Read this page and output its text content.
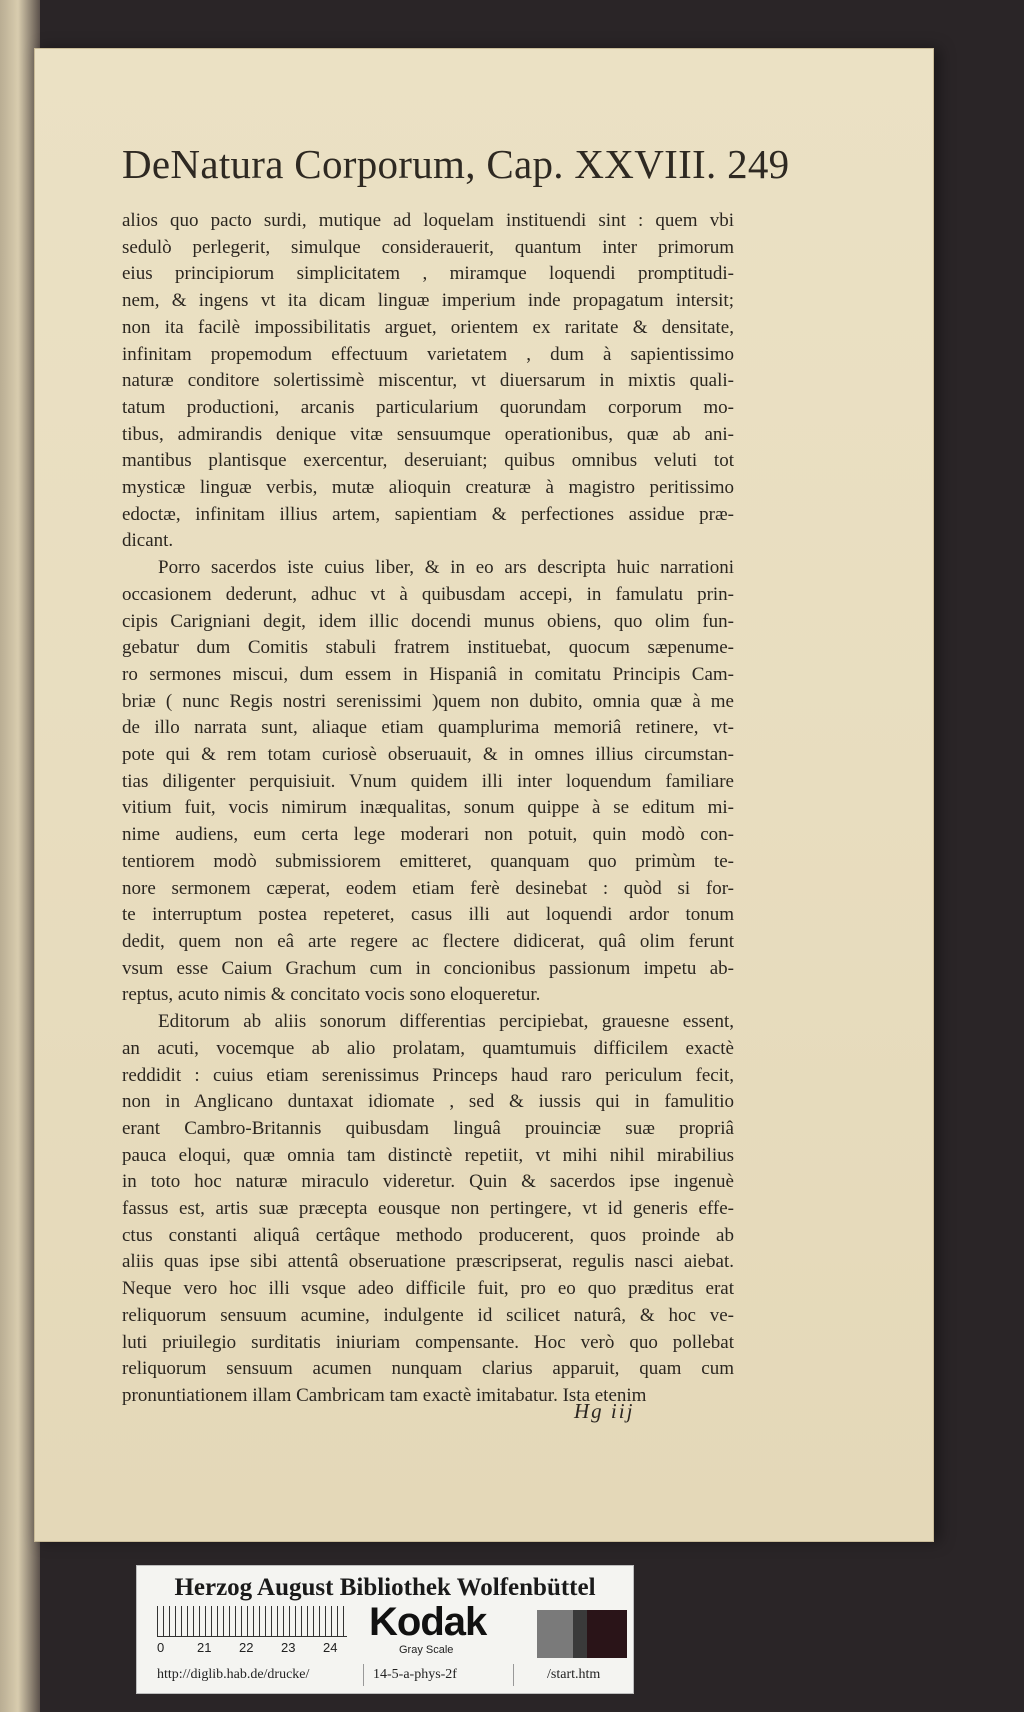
DeNatura Corporum, Cap. XXVIII. 249
alios quo pacto surdi, mutique ad loquelam instituendi sint : quem vbi
sedulò perlegerit, simulque considerauerit, quantum inter primorum
eius principiorum simplicitatem , miramque loquendi promptitudi-
nem, & ingens vt ita dicam linguæ imperium inde propagatum intersit;
non ita facilè impossibilitatis arguet, orientem ex raritate & densitate,
infinitam propemodum effectuum varietatem , dum à sapientissimo
naturæ conditore solertissimè miscentur, vt diuersarum in mixtis quali-
tatum productioni, arcanis particularium quorundam corporum mo-
tibus, admirandis denique vitæ sensuumque operationibus, quæ ab ani-
mantibus plantisque exercentur, deseruiant; quibus omnibus veluti tot
mysticæ linguæ verbis, mutæ alioquin creaturæ à magistro peritissimo
edoctæ, infinitam illius artem, sapientiam & perfectiones assidue præ-
dicant.
Porro sacerdos iste cuius liber, & in eo ars descripta huic narrationi
occasionem dederunt, adhuc vt à quibusdam accepi, in famulatu prin-
cipis Carigniani degit, idem illic docendi munus obiens, quo olim fun-
gebatur dum Comitis stabuli fratrem instituebat, quocum sæpenume-
ro sermones miscui, dum essem in Hispaniâ in comitatu Principis Cam-
briæ ( nunc Regis nostri serenissimi )quem non dubito, omnia quæ à me
de illo narrata sunt, aliaque etiam quamplurima memoriâ retinere, vt-
pote qui & rem totam curiosè obseruauit, & in omnes illius circumstan-
tias diligenter perquisiuit. Vnum quidem illi inter loquendum familiare
vitium fuit, vocis nimirum inæqualitas, sonum quippe à se editum mi-
nime audiens, eum certa lege moderari non potuit, quin modò con-
tentiorem modò submissiorem emitteret, quanquam quo primùm te-
nore sermonem cæperat, eodem etiam ferè desinebat : quòd si for-
te interruptum postea repeteret, casus illi aut loquendi ardor tonum
dedit, quem non eâ arte regere ac flectere didicerat, quâ olim ferunt
vsum esse Caium Grachum cum in concionibus passionum impetu ab-
reptus, acuto nimis & concitato vocis sono eloqueretur.
Editorum ab aliis sonorum differentias percipiebat, grauesne essent,
an acuti, vocemque ab alio prolatam, quamtumuis difficilem exactè
reddidit : cuius etiam serenissimus Princeps haud raro periculum fecit,
non in Anglicano duntaxat idiomate , sed & iussis qui in famulitio
erant Cambro-Britannis quibusdam linguâ prouinciæ suæ propriâ
pauca eloqui, quæ omnia tam distinctè repetiit, vt mihi nihil mirabilius
in toto hoc naturæ miraculo videretur. Quin & sacerdos ipse ingenuè
fassus est, artis suæ præcepta eousque non pertingere, vt id generis effe-
ctus constanti aliquâ certâque methodo producerent, quos proinde ab
aliis quas ipse sibi attentâ obseruatione præscripserat, regulis nasci aiebat.
Neque vero hoc illi vsque adeo difficile fuit, pro eo quo præditus erat
reliquorum sensuum acumine, indulgente id scilicet naturâ, & hoc ve-
luti priuilegio surditatis iniuriam compensante. Hoc verò quo pollebat
reliquorum sensuum acumen nunquam clarius apparuit, quam cum
pronuntiationem illam Cambricam tam exactè imitabatur. Ista etenim
Hg iij
Herzog August Bibliothek Wolfenbüttel
0	21 22 23 24
Kodak
Gray Scale
http://diglib.hab.de/drucke/	14-5-a-phys-2f	/start.htm
